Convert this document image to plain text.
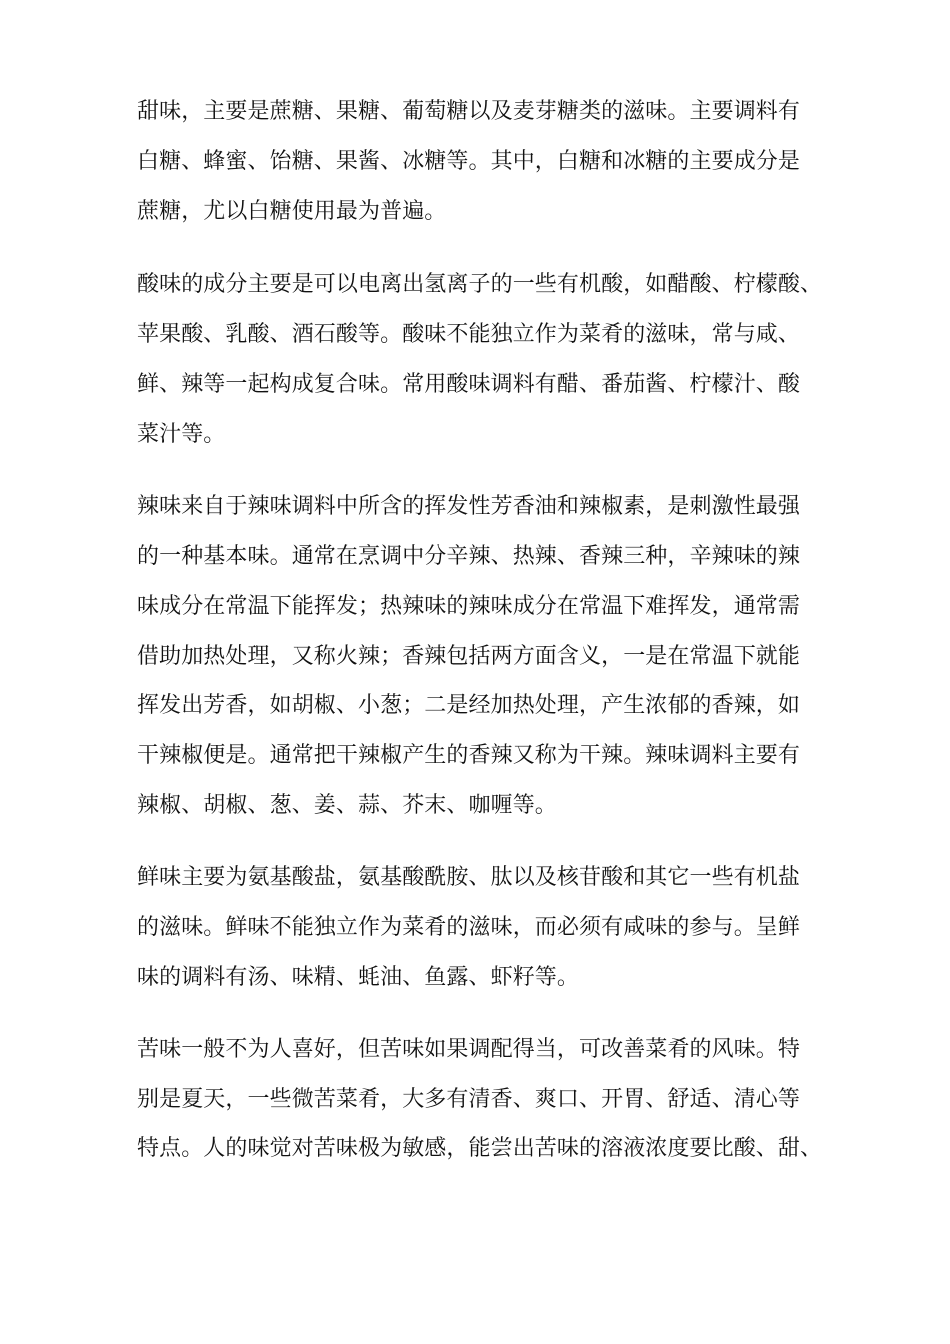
甜味，主要是蔗糖、果糖、葡萄糖以及麦芽糖类的滋味。主要调料有
白糖、蜂蜜、饴糖、果酱、冰糖等。其中，白糖和冰糖的主要成分是
蔗糖，尤以白糖使用最为普遍。
酸味的成分主要是可以电离出氢离子的一些有机酸，如醋酸、柠檬酸、
苹果酸、乳酸、酒石酸等。酸味不能独立作为菜肴的滋味，常与咸、
鲜、辣等一起构成复合味。常用酸味调料有醋、番茄酱、柠檬汁、酸
菜汁等。
辣味来自于辣味调料中所含的挥发性芳香油和辣椒素，是刺激性最强
的一种基本味。通常在烹调中分辛辣、热辣、香辣三种，辛辣味的辣
味成分在常温下能挥发；热辣味的辣味成分在常温下难挥发，通常需
借助加热处理，又称火辣；香辣包括两方面含义，一是在常温下就能
挥发出芳香，如胡椒、小葱；二是经加热处理，产生浓郁的香辣，如
干辣椒便是。通常把干辣椒产生的香辣又称为干辣。辣味调料主要有
辣椒、胡椒、葱、姜、蒜、芥末、咖喱等。
鲜味主要为氨基酸盐，氨基酸酰胺、肽以及核苷酸和其它一些有机盐
的滋味。鲜味不能独立作为菜肴的滋味，而必须有咸味的参与。呈鲜
味的调料有汤、味精、蚝油、鱼露、虾籽等。
苦味一般不为人喜好，但苦味如果调配得当，可改善菜肴的风味。特
别是夏天，一些微苦菜肴，大多有清香、爽口、开胃、舒适、清心等
特点。人的味觉对苦味极为敏感，能尝出苦味的溶液浓度要比酸、甜、
